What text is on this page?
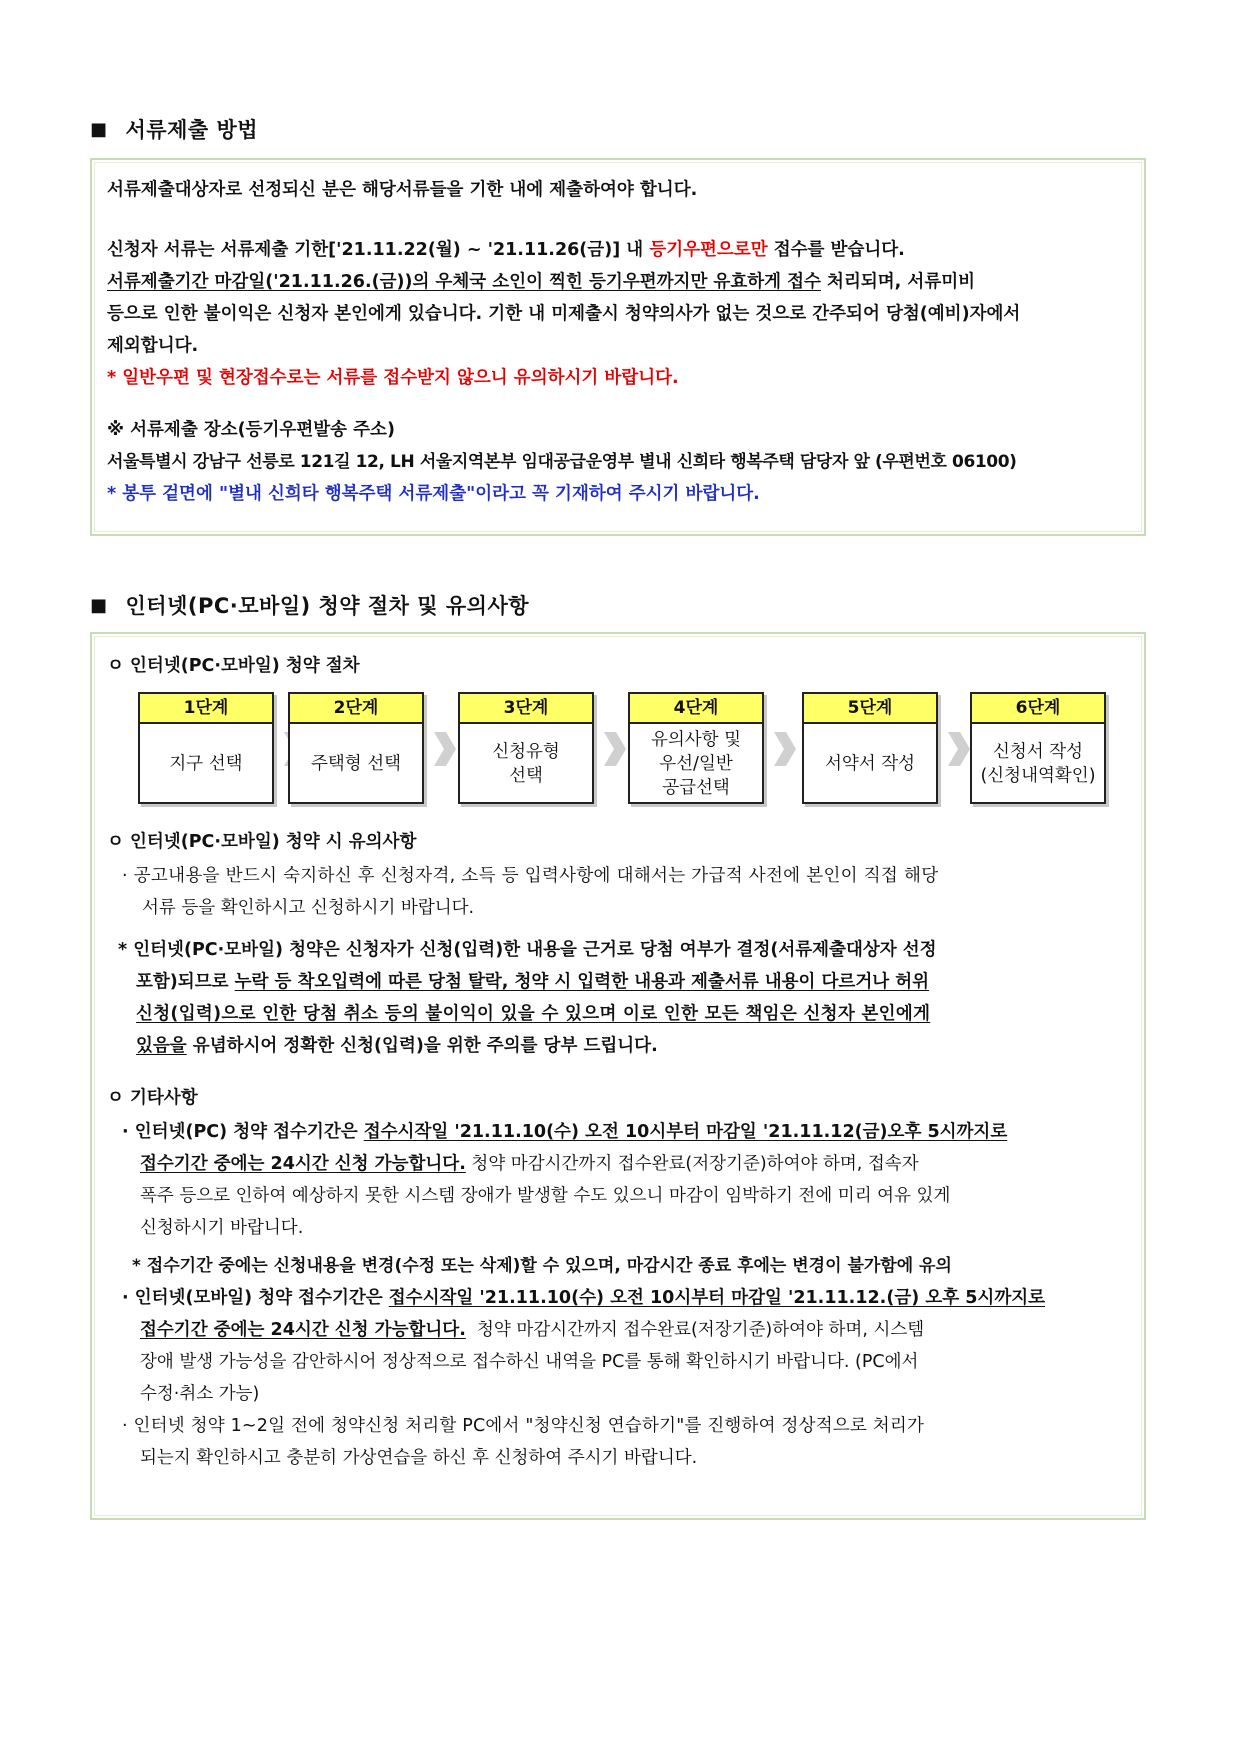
■ 서류제출 방법
서류제출대상자로 선정되신 분은 해당서류들을 기한 내에 제출하여야 합니다.
신청자 서류는 서류제출 기한['21.11.22(월) ~ '21.11.26(금)] 내 등기우편으로만 접수를 받습니다.
서류제출기간 마감일('21.11.26.(금))의 우체국 소인이 찍힌 등기우편까지만 유효하게 접수 처리되며, 서류미비
등으로 인한 불이익은 신청자 본인에게 있습니다. 기한 내 미제출시 청약의사가 없는 것으로 간주되어 당첨(예비)자에서
제외합니다.
* 일반우편 및 현장접수로는 서류를 접수받지 않으니 유의하시기 바랍니다.
※ 서류제출 장소(등기우편발송 주소)
서울특별시 강남구 선릉로 121길 12, LH 서울지역본부 임대공급운영부 별내 신희타 행복주택 담당자 앞 (우편번호 06100)
* 봉투 겉면에 "별내 신희타 행복주택 서류제출"이라고 꼭 기재하여 주시기 바랍니다.
■ 인터넷(PC·모바일) 청약 절차 및 유의사항
ㅇ 인터넷(PC·모바일) 청약 절차
1단계
지구 선택
2단계
주택형 선택
3단계
신청유형
선택
4단계
유의사항 및
우선/일반
공급선택
5단계
서약서 작성
6단계
신청서 작성
(신청내역확인)
ㅇ 인터넷(PC·모바일) 청약 시 유의사항
· 공고내용을 반드시 숙지하신 후 신청자격, 소득 등 입력사항에 대해서는 가급적 사전에 본인이 직접 해당
서류 등을 확인하시고 신청하시기 바랍니다.
* 인터넷(PC·모바일) 청약은 신청자가 신청(입력)한 내용을 근거로 당첨 여부가 결정(서류제출대상자 선정
포함)되므로 누락 등 착오입력에 따른 당첨 탈락, 청약 시 입력한 내용과 제출서류 내용이 다르거나 허위
신청(입력)으로 인한 당첨 취소 등의 불이익이 있을 수 있으며 이로 인한 모든 책임은 신청자 본인에게
있음을 유념하시어 정확한 신청(입력)을 위한 주의를 당부 드립니다.
ㅇ 기타사항
· 인터넷(PC) 청약 접수기간은 접수시작일 '21.11.10(수) 오전 10시부터 마감일 '21.11.12(금)오후 5시까지로
접수기간 중에는 24시간 신청 가능합니다. 청약 마감시간까지 접수완료(저장기준)하여야 하며, 접속자
폭주 등으로 인하여 예상하지 못한 시스템 장애가 발생할 수도 있으니 마감이 임박하기 전에 미리 여유 있게
신청하시기 바랍니다.
* 접수기간 중에는 신청내용을 변경(수정 또는 삭제)할 수 있으며, 마감시간 종료 후에는 변경이 불가함에 유의
· 인터넷(모바일) 청약 접수기간은 접수시작일 '21.11.10(수) 오전 10시부터 마감일 '21.11.12.(금) 오후 5시까지로
접수기간 중에는 24시간 신청 가능합니다.  청약 마감시간까지 접수완료(저장기준)하여야 하며, 시스템
장애 발생 가능성을 감안하시어 정상적으로 접수하신 내역을 PC를 통해 확인하시기 바랍니다. (PC에서
수정·취소 가능)
· 인터넷 청약 1~2일 전에 청약신청 처리할 PC에서 "청약신청 연습하기"를 진행하여 정상적으로 처리가
되는지 확인하시고 충분히 가상연습을 하신 후 신청하여 주시기 바랍니다.
